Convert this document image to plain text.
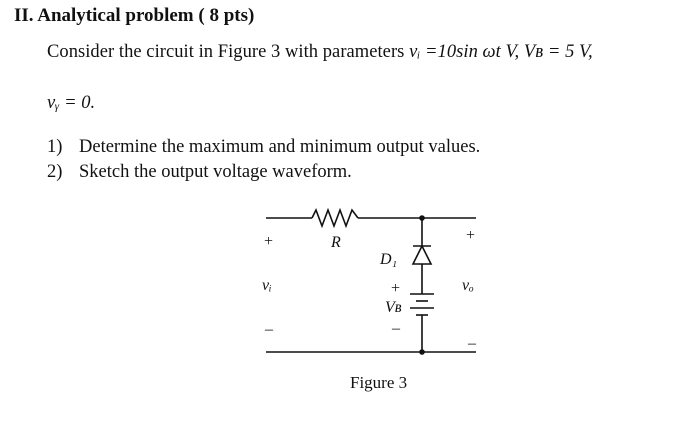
II. Analytical problem ( 8 pts)
Consider the circuit in Figure 3 with parameters vᵢ =10sin ωt V, Vʙ = 5 V,
vᵧ = 0.
1) Determine the maximum and minimum output values.
2) Sketch the output voltage waveform.
+
vᵢ
–
R
D₁
+
Vʙ
–
+
vₒ
–
Figure 3
